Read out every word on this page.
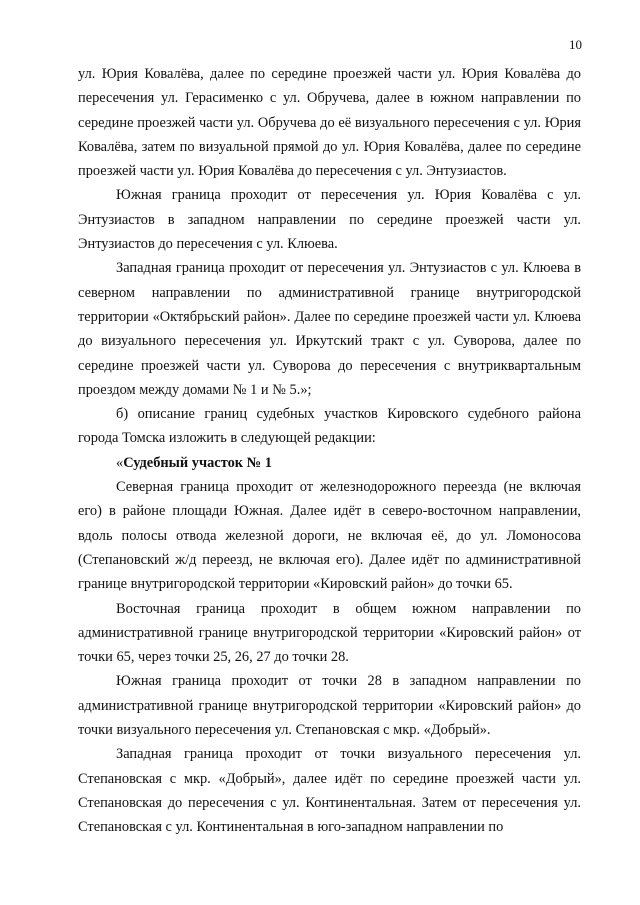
10

ул. Юрия Ковалёва, далее по середине проезжей части ул. Юрия Ковалёва до пересечения ул. Герасименко с ул. Обручева, далее в южном направлении по середине проезжей части ул. Обручева до её визуального пересечения с ул. Юрия Ковалёва, затем по визуальной прямой до ул. Юрия Ковалёва, далее по середине проезжей части ул. Юрия Ковалёва до пересечения с ул. Энтузиастов.

Южная граница проходит от пересечения ул. Юрия Ковалёва с ул. Энтузиастов в западном направлении по середине проезжей части ул. Энтузиастов до пересечения с ул. Клюева.

Западная граница проходит от пересечения ул. Энтузиастов с ул. Клюева в северном направлении по административной границе внутригородской территории «Октябрьский район». Далее по середине проезжей части ул. Клюева до визуального пересечения ул. Иркутский тракт с ул. Суворова, далее по середине проезжей части ул. Суворова до пересечения с внутриквартальным проездом между домами № 1 и № 5.»;

б) описание границ судебных участков Кировского судебного района города Томска изложить в следующей редакции:

«Судебный участок № 1

Северная граница проходит от железнодорожного переезда (не включая его) в районе площади Южная. Далее идёт в северо-восточном направлении, вдоль полосы отвода железной дороги, не включая её, до ул. Ломоносова (Степановский ж/д переезд, не включая его). Далее идёт по административной границе внутригородской территории «Кировский район» до точки 65.

Восточная граница проходит в общем южном направлении по административной границе внутригородской территории «Кировский район» от точки 65, через точки 25, 26, 27 до точки 28.

Южная граница проходит от точки 28 в западном направлении по административной границе внутригородской территории «Кировский район» до точки визуального пересечения ул. Степановская с мкр. «Добрый».

Западная граница проходит от точки визуального пересечения ул. Степановская с мкр. «Добрый», далее идёт по середине проезжей части ул. Степановская до пересечения с ул. Континентальная. Затем от пересечения ул. Степановская с ул. Континентальная в юго-западном направлении по
